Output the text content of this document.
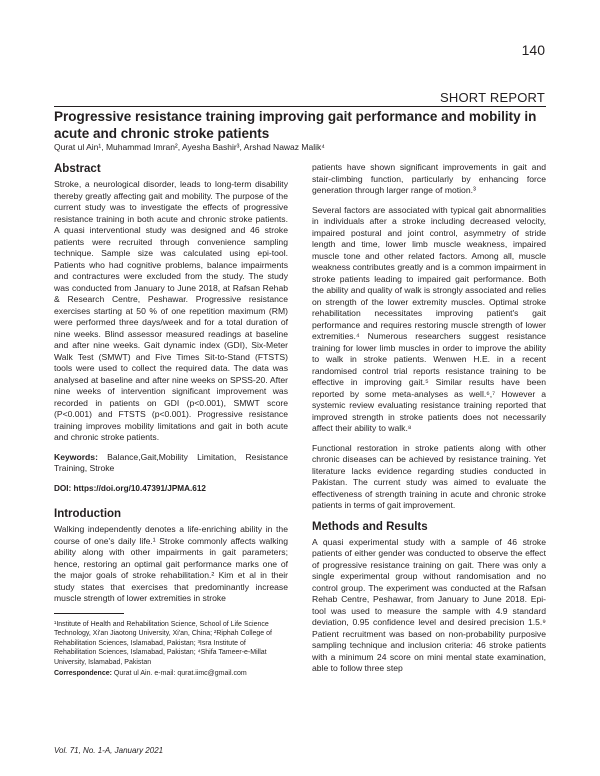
140
SHORT REPORT
Progressive resistance training improving gait performance and mobility in acute and chronic stroke patients
Qurat ul Ain¹, Muhammad Imran², Ayesha Bashir³, Arshad Nawaz Malik⁴
Abstract

Stroke, a neurological disorder, leads to long-term disability thereby greatly affecting gait and mobility. The purpose of the current study was to investigate the effects of progressive resistance training in both acute and chronic stroke patients. A quasi interventional study was designed and 46 stroke patients were recruited through convenience sampling technique. Sample size was calculated using epi-tool. Patients who had cognitive problems, balance impairments and contractures were excluded from the study. The study was conducted from January to June 2018, at Rafsan Rehab & Research Centre, Peshawar. Progressive resistance exercises starting at 50 % of one repetition maximum (RM) were performed three days/week and for a total duration of nine weeks. Blind assessor measured readings at baseline and after nine weeks. Gait dynamic index (GDI), Six-Meter Walk Test (SMWT) and Five Times Sit-to-Stand (FTSTS) tools were used to collect the required data. The data was analysed at baseline and after nine weeks on SPSS-20. After nine weeks of intervention significant improvement was recorded in patients on GDI (p<0.001), SMWT score (P<0.001) and FTSTS (p<0.001). Progressive resistance training improves mobility limitations and gait in both acute and chronic stroke patients.

Keywords: Balance,Gait,Mobility Limitation, Resistance Training, Stroke

DOI: https://doi.org/10.47391/JPMA.612

Introduction

Walking independently denotes a life-enriching ability in the course of one's daily life.¹ Stroke commonly affects walking ability along with other impairments in gait parameters; hence, restoring an optimal gait performance marks one of the major goals of stroke rehabilitation.² Kim et al in their study states that exercises that predominantly increase muscle strength of lower extremities in stroke

¹Institute of Health and Rehabilitation Science, School of Life Science Technology, Xi'an Jiaotong University, Xi'an, China; ²Riphah College of Rehabilitation Sciences, Islamabad, Pakistan; ³Isra Institute of Rehabilitation Sciences, Islamabad, Pakistan; ⁴Shifa Tameer-e-Millat University, Islamabad, Pakistan

Correspondence: Qurat ul Ain. e-mail: qurat.iimc@gmail.com

patients have shown significant improvements in gait and stair-climbing function, particularly by enhancing force generation through larger range of motion.³

Several factors are associated with typical gait abnormalities in individuals after a stroke including decreased velocity, impaired postural and joint control, asymmetry of stride length and time, lower limb muscle weakness, impaired muscle tone and other related factors. Among all, muscle weakness contributes greatly and is a common impairment in stroke patients leading to impaired gait performance. Both the ability and quality of walk is strongly associated and relies on strength of the lower extremity muscles. Optimal stroke rehabilitation necessitates improving patient's gait performance and requires restoring muscle strength of lower extremities.⁴ Numerous researchers suggest resistance training for lower limb muscles in order to improve the ability to walk in stroke patients. Wenwen H.E. in a recent randomised control trial reports resistance training to be effective in improving gait.⁵ Similar results have been reported by some meta-analyses as well.⁶,⁷ However a systemic review evaluating resistance training reported that improved strength in stroke patients does not necessarily affect their ability to walk.⁸

Functional restoration in stroke patients along with other chronic diseases can be achieved by resistance training. Yet literature lacks evidence regarding studies conducted in Pakistan. The current study was aimed to evaluate the effectiveness of strength training in acute and chronic stroke patients in terms of gait improvement.

Methods and Results

A quasi experimental study with a sample of 46 stroke patients of either gender was conducted to observe the effect of progressive resistance training on gait. There was only a single experimental group without randomisation and no control group. The experiment was conducted at the Rafsan Rehab Centre, Peshawar, from January to June 2018. Epi-tool was used to measure the sample with 4.9 standard deviation, 0.95 confidence level and desired precision 1.5.⁹ Patient recruitment was based on non-probability purposive sampling technique and inclusion criteria: 46 stroke patients with a minimum 24 score on mini mental state examination, able to follow three step

Vol. 71, No. 1-A, January 2021
